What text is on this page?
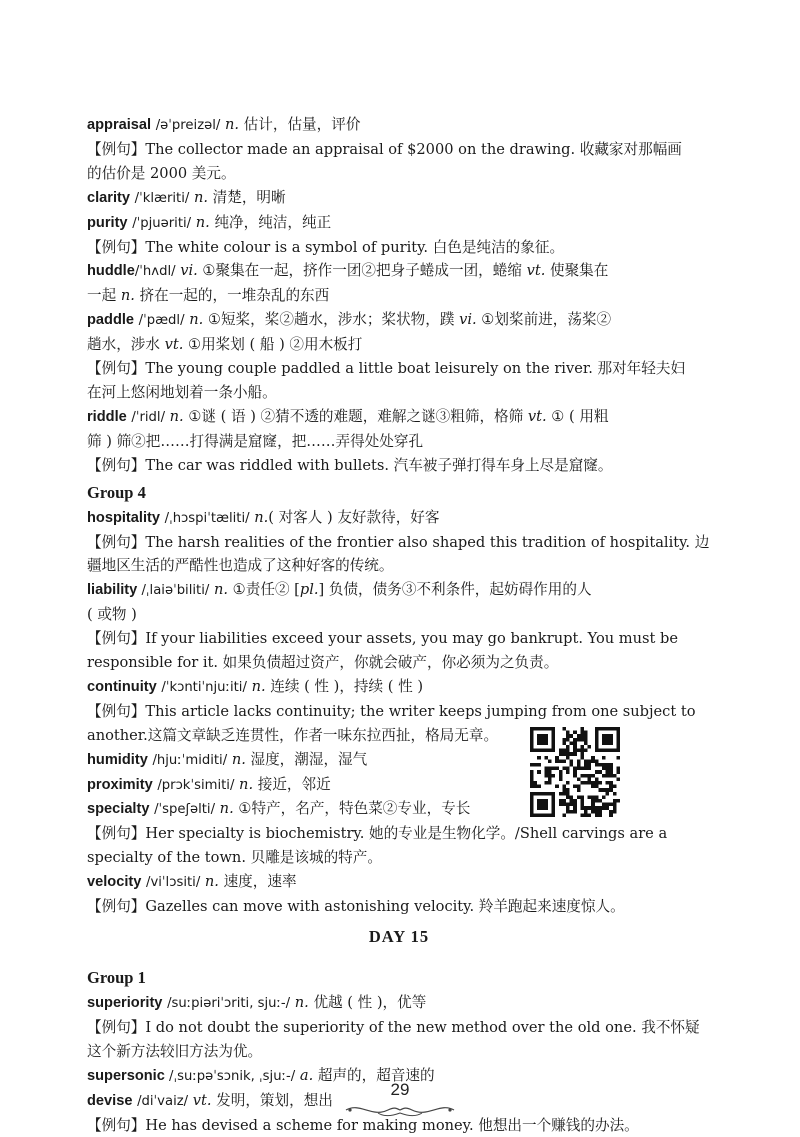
appraisal /əˈpreizəl/ n. 估计，估量，评价
【例句】The collector made an appraisal of $2000 on the drawing. 收藏家对那幅画
的估价是 2000 美元。
clarity /ˈklæriti/ n. 清楚，明晰
purity /ˈpjuəriti/ n. 纯净，纯洁，纯正
【例句】The white colour is a symbol of purity. 白色是纯洁的象征。
huddle/ˈhʌdl/ vi. ①聚集在一起，挤作一团②把身子蜷成一团，蜷缩 vt. 使聚集在
一起 n. 挤在一起的，一堆杂乱的东西
paddle /ˈpædl/ n. ①短桨，桨②趟水，涉水；桨状物，蹼 vi. ①划桨前进，荡桨②
趟水，涉水 vt. ①用桨划 ( 船 ) ②用木板打
【例句】The young couple paddled a little boat leisurely on the river. 那对年轻夫妇
在河上悠闲地划着一条小船。
riddle /ˈridl/ n. ①谜 ( 语 ) ②猜不透的难题，难解之谜③粗筛，格筛 vt. ① ( 用粗
筛 ) 筛②把……打得满是窟窿，把……弄得处处穿孔
【例句】The car was riddled with bullets. 汽车被子弹打得车身上尽是窟窿。
Group 4
hospitality /ˌhɔspiˈtæliti/ n.( 对客人 ) 友好款待，好客
【例句】The harsh realities of the frontier also shaped this tradition of hospitality. 边
疆地区生活的严酷性也造成了这种好客的传统。
liability /ˌlaiəˈbiliti/ n. ①责任② [pl.] 负债，债务③不利条件，起妨碍作用的人
( 或物 )
【例句】If your liabilities exceed your assets, you may go bankrupt. You must be
responsible for it. 如果负债超过资产，你就会破产，你必须为之负责。
continuity /ˈkɔntiˈnjuːiti/ n. 连续 ( 性 )，持续 ( 性 )
【例句】This article lacks continuity; the writer keeps jumping from one subject to
another.这篇文章缺乏连贯性，作者一味东拉西扯，格局无章。
humidity /hjuːˈmiditi/ n. 湿度，潮湿，湿气
proximity /prɔkˈsimiti/ n. 接近，邻近
specialty /ˈspeʃəlti/ n. ①特产，名产，特色菜②专业，专长
【例句】Her specialty is biochemistry. 她的专业是生物化学。/Shell carvings are a
specialty of the town. 贝雕是该城的特产。
velocity /viˈlɔsiti/ n. 速度，速率
【例句】Gazelles can move with astonishing velocity. 羚羊跑起来速度惊人。
DAY 15
Group 1
superiority /suːpiəriˈɔriti, sjuː-/ n. 优越 ( 性 )，优等
【例句】I do not doubt the superiority of the new method over the old one. 我不怀疑
这个新方法较旧方法为优。
supersonic /ˌsuːpəˈsɔnik, ˌsjuː-/ a. 超声的，超音速的
devise /diˈvaiz/ vt. 发明，策划，想出
【例句】He has devised a scheme for making money. 他想出一个赚钱的办法。
29
